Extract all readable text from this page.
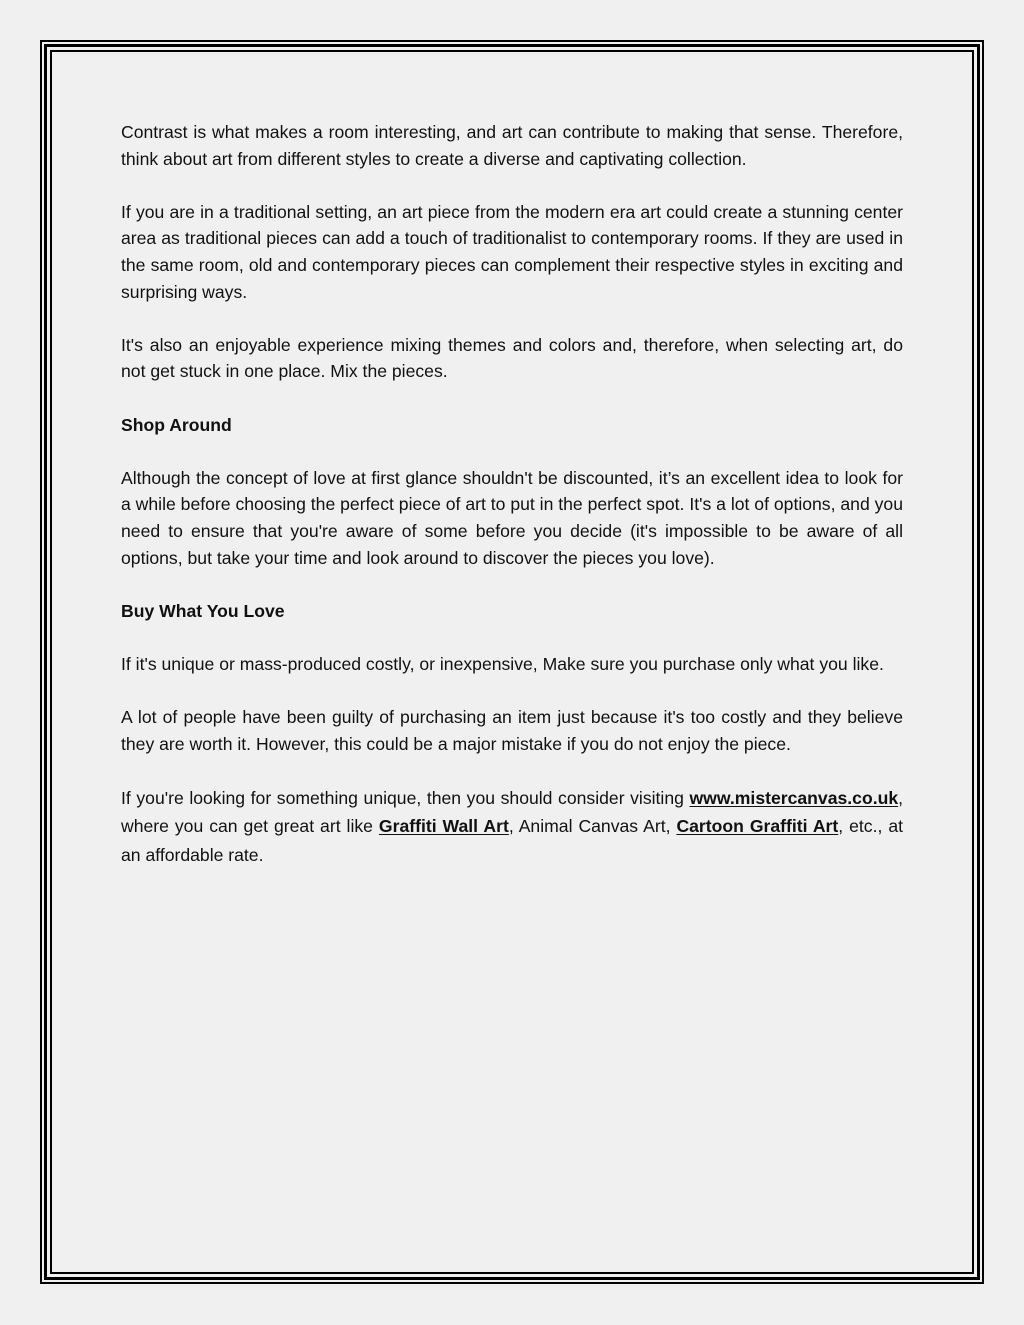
Contrast is what makes a room interesting, and art can contribute to making that sense. Therefore, think about art from different styles to create a diverse and captivating collection.

If you are in a traditional setting, an art piece from the modern era art could create a stunning center area as traditional pieces can add a touch of traditionalist to contemporary rooms. If they are used in the same room, old and contemporary pieces can complement their respective styles in exciting and surprising ways.

It's also an enjoyable experience mixing themes and colors and, therefore, when selecting art, do not get stuck in one place. Mix the pieces.

Shop Around

Although the concept of love at first glance shouldn't be discounted, it’s an excellent idea to look for a while before choosing the perfect piece of art to put in the perfect spot. It's a lot of options, and you need to ensure that you're aware of some before you decide (it's impossible to be aware of all options, but take your time and look around to discover the pieces you love).

Buy What You Love

If it's unique or mass-produced costly, or inexpensive, Make sure you purchase only what you like.

A lot of people have been guilty of purchasing an item just because it's too costly and they believe they are worth it. However, this could be a major mistake if you do not enjoy the piece.

If you're looking for something unique, then you should consider visiting www.mistercanvas.co.uk, where you can get great art like Graffiti Wall Art, Animal Canvas Art, Cartoon Graffiti Art, etc., at an affordable rate.
